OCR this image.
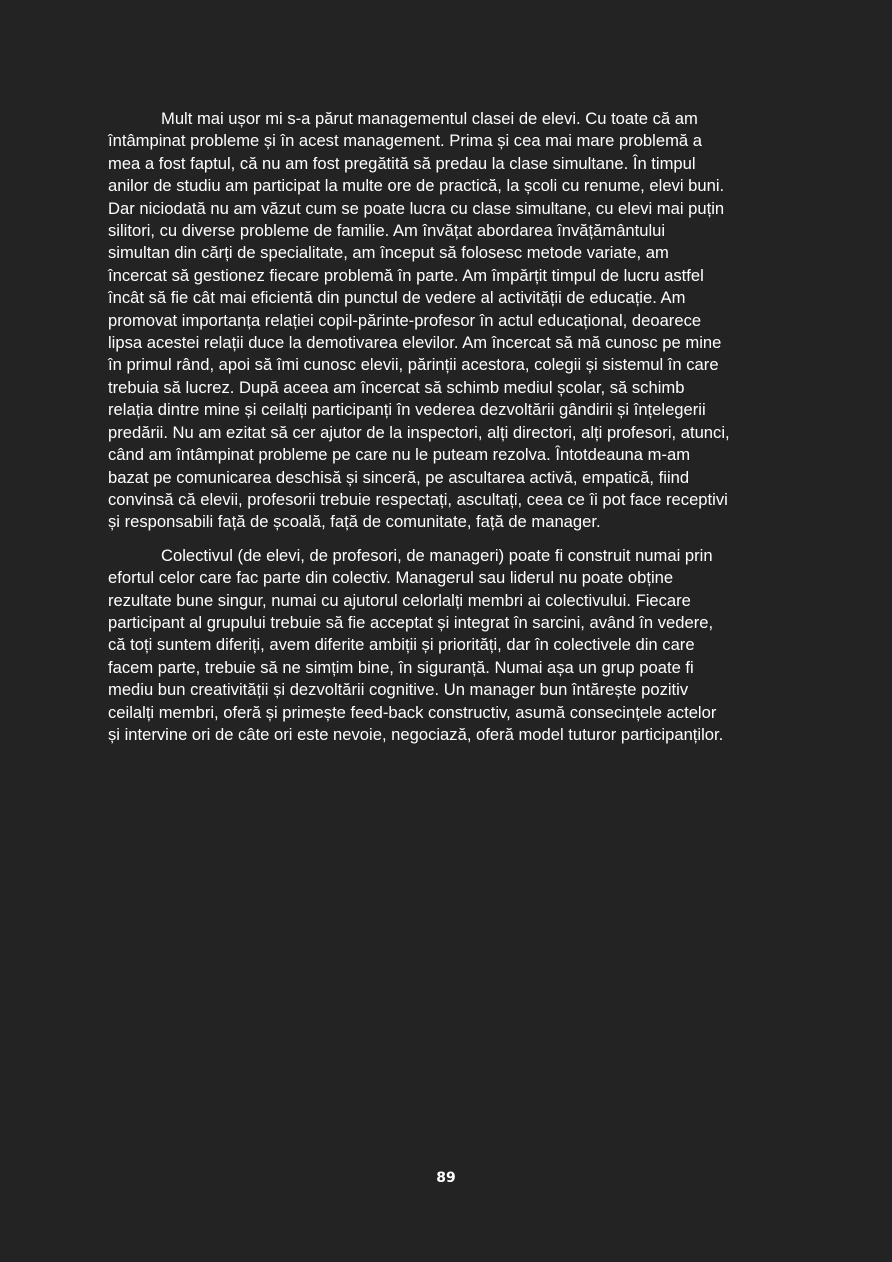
Mult mai ușor mi s-a părut managementul clasei de elevi. Cu toate că am
întâmpinat probleme și în acest management. Prima și cea mai mare problemă a
mea a fost faptul, că nu am fost pregătită să predau la clase simultane. În timpul
anilor de studiu am participat la multe ore de practică, la școli cu renume, elevi buni.
Dar niciodată nu am văzut cum se poate lucra cu clase simultane, cu elevi mai puțin
silitori, cu diverse probleme de familie. Am învățat abordarea învățământului
simultan din cărți de specialitate, am început să folosesc metode variate, am
încercat să gestionez fiecare problemă în parte. Am împărțit timpul de lucru astfel
încât să fie cât mai eficientă din punctul de vedere al activității de educație. Am
promovat importanța relației copil-părinte-profesor în actul educațional, deoarece
lipsa acestei relații duce la demotivarea elevilor. Am încercat să mă cunosc pe mine
în primul rând, apoi să îmi cunosc elevii, părinții acestora, colegii și sistemul în care
trebuia să lucrez. După aceea am încercat să schimb mediul școlar, să schimb
relația dintre mine și ceilalți participanți în vederea dezvoltării gândirii și înțelegerii
predării. Nu am ezitat să cer ajutor de la inspectori, alți directori, alți profesori, atunci,
când am întâmpinat probleme pe care nu le puteam rezolva. Întotdeauna m-am
bazat pe comunicarea deschisă și sinceră, pe ascultarea activă, empatică, fiind
convinsă că elevii, profesorii trebuie respectați, ascultați, ceea ce îi pot face receptivi
și responsabili față de școală, față de comunitate, față de manager.
Colectivul (de elevi, de profesori, de manageri) poate fi construit numai prin
efortul celor care fac parte din colectiv. Managerul sau liderul nu poate obține
rezultate bune singur, numai cu ajutorul celorlalți membri ai colectivului. Fiecare
participant al grupului trebuie să fie acceptat și integrat în sarcini, având în vedere,
că toți suntem diferiți, avem diferite ambiții și priorități, dar în colectivele din care
facem parte, trebuie să ne simțim bine, în siguranță. Numai așa un grup poate fi
mediu bun creativității și dezvoltării cognitive. Un manager bun întărește pozitiv
ceilalți membri, oferă și primește feed-back constructiv, asumă consecințele actelor
și intervine ori de câte ori este nevoie, negociază, oferă model tuturor participanților.
89
